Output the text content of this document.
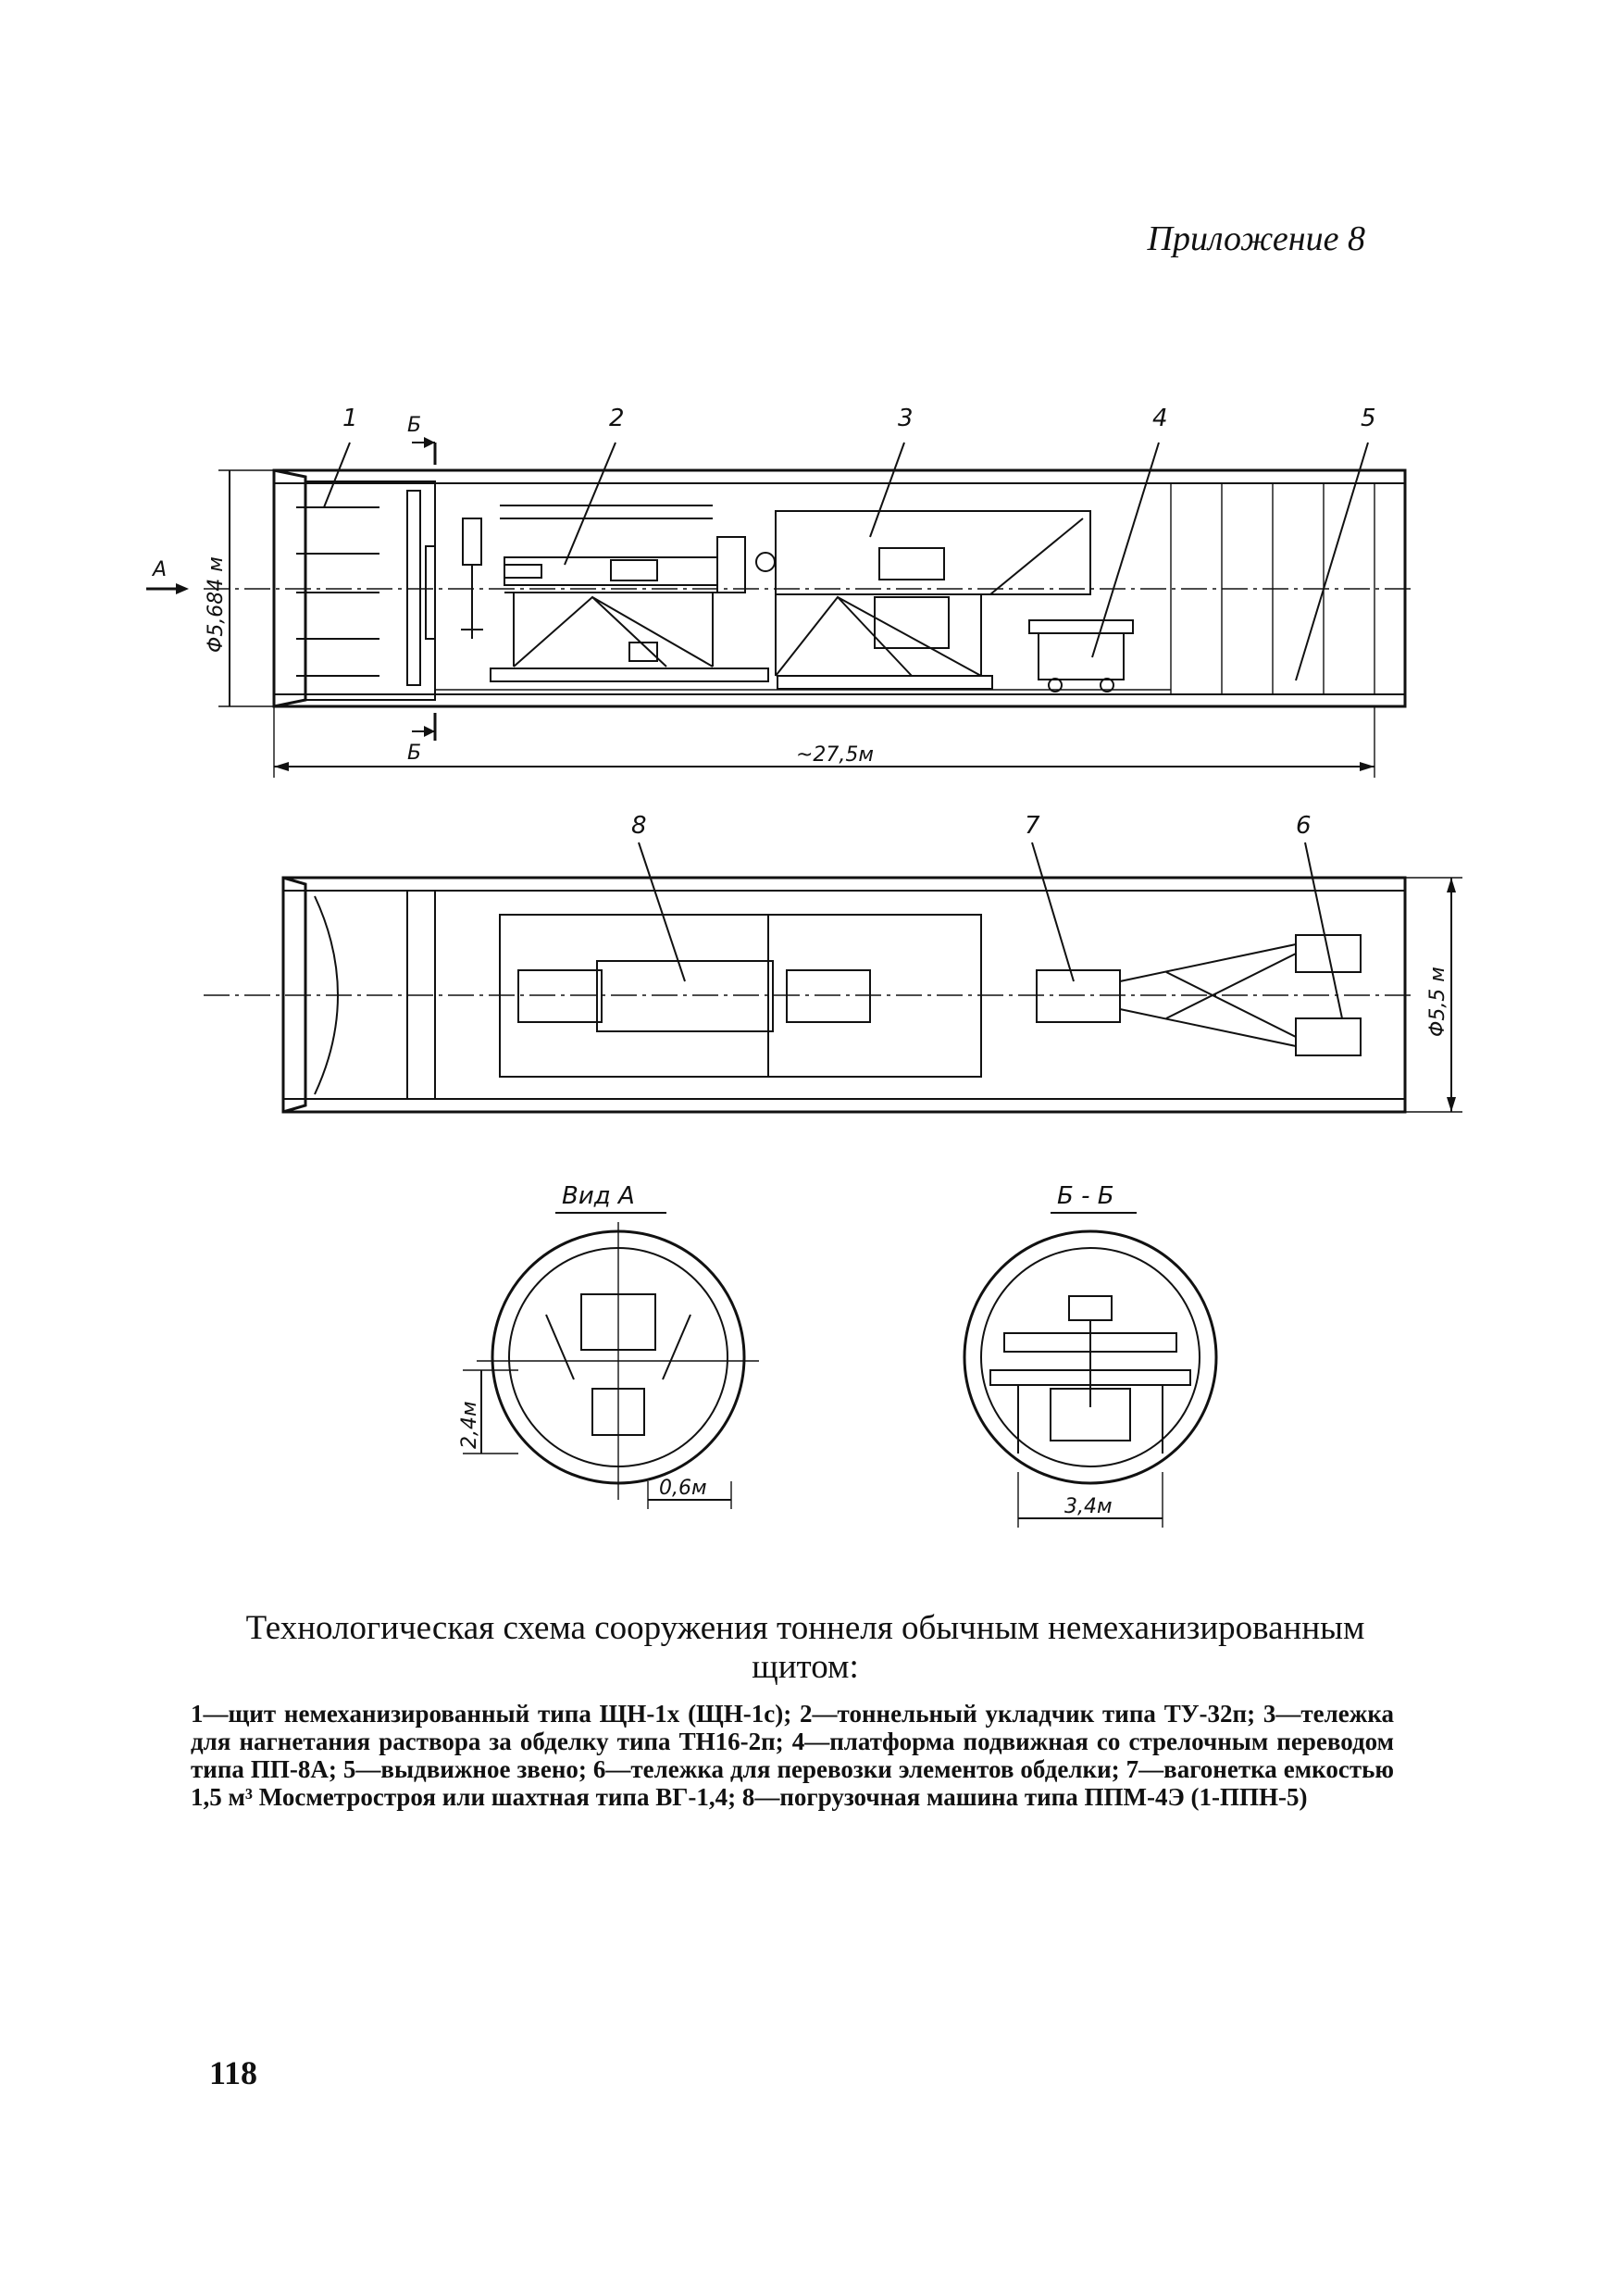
Приложение 8
1	2	3	4	5
Б
Б
А Φ5,684 м
~27,5м
8	7	6
Φ5,5 м
Вид А
2,4м
0,6м
Б - Б
3,4м
Технологическая схема сооружения тоннеля обычным немеханизированным щитом:
1—щит немеханизированный типа ЩН-1х (ЩН-1с); 2—тоннельный укладчик типа ТУ-32п; 3—тележка для нагнетания раствора за обделку типа ТН16-2п; 4—платформа подвижная со стрелочным переводом типа ПП-8А; 5—выдвижное звено; 6—тележка для перевозки элементов обделки; 7—вагонетка емкостью 1,5 м³ Мосметростроя или шахтная типа ВГ-1,4; 8—погрузочная машина типа ППМ-4Э (1-ППН-5)
118
